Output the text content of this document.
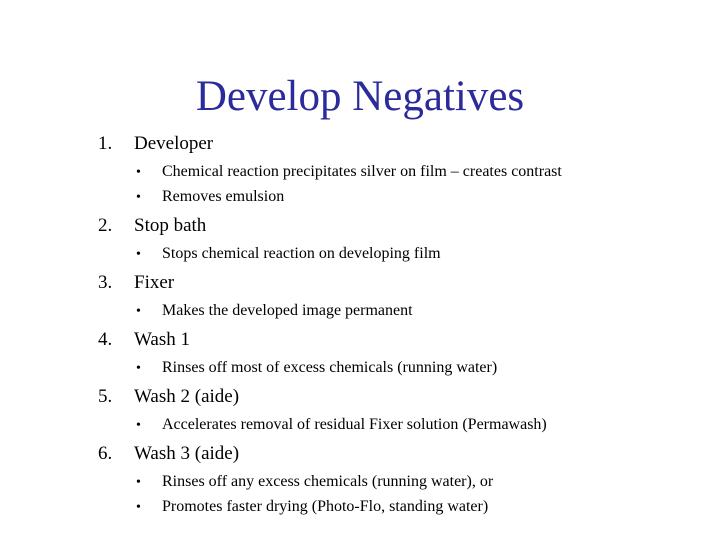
Develop Negatives
1.	Developer
•	Chemical reaction precipitates silver on film – creates contrast
•	Removes emulsion
2.	Stop bath
•	Stops chemical reaction on developing film
3.	Fixer
•	Makes the developed image permanent
4.	Wash 1
•	Rinses off most of excess chemicals (running water)
5.	Wash 2 (aide)
•	Accelerates removal of residual Fixer solution (Permawash)
6.	Wash 3 (aide)
•	Rinses off any excess chemicals (running water), or
•	Promotes faster drying (Photo-Flo, standing water)
